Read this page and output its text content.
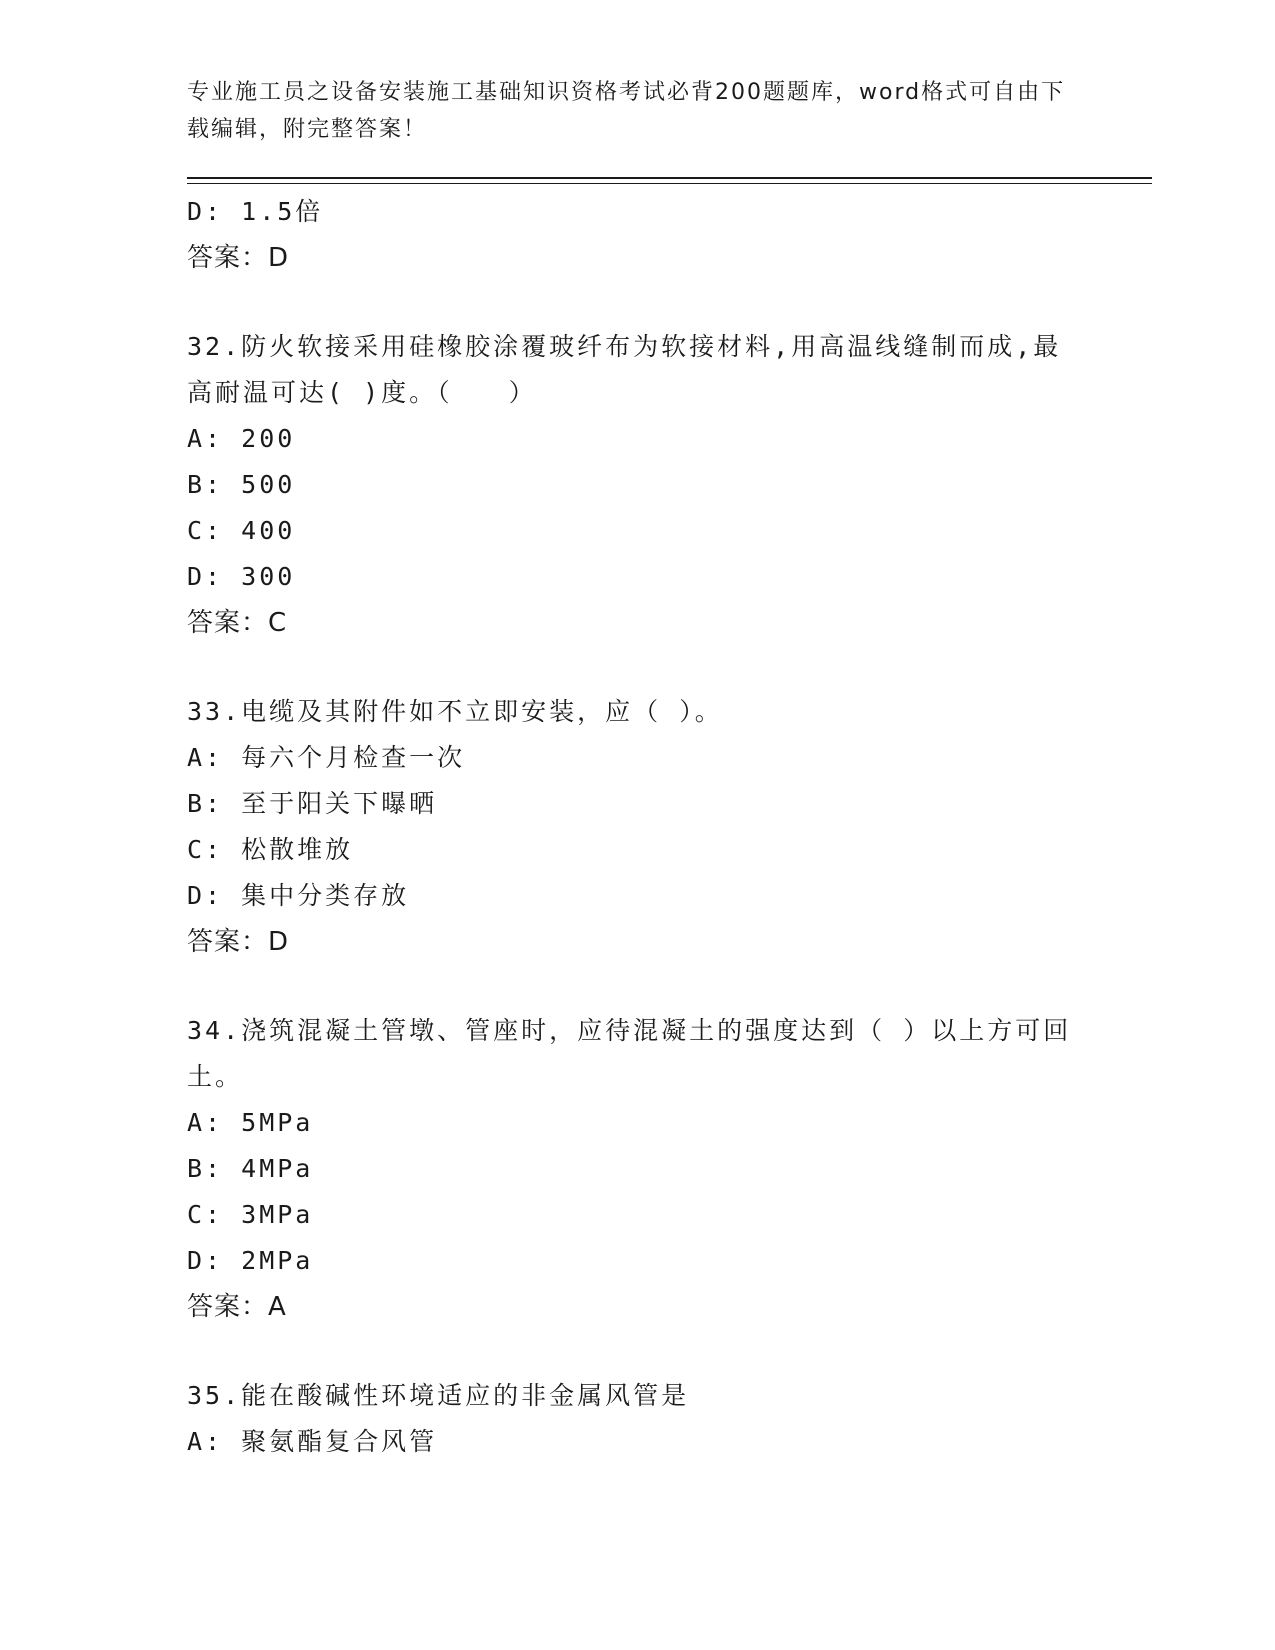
专业施工员之设备安装施工基础知识资格考试必背200题题库，word格式可自由下载编辑，附完整答案！
D: 1.5倍
答案：D
32.防火软接采用硅橡胶涂覆玻纤布为软接材料,用高温线缝制而成,最高耐温可达( )度。（　　）
A: 200
B: 500
C: 400
D: 300
答案：C
33.电缆及其附件如不立即安装，应（ ）。
A: 每六个月检查一次
B: 至于阳关下曝晒
C: 松散堆放
D: 集中分类存放
答案：D
34.浇筑混凝土管墩、管座时，应待混凝土的强度达到（ ）以上方可回土。
A: 5MPa
B: 4MPa
C: 3MPa
D: 2MPa
答案：A
35.能在酸碱性环境适应的非金属风管是
A: 聚氨酯复合风管
